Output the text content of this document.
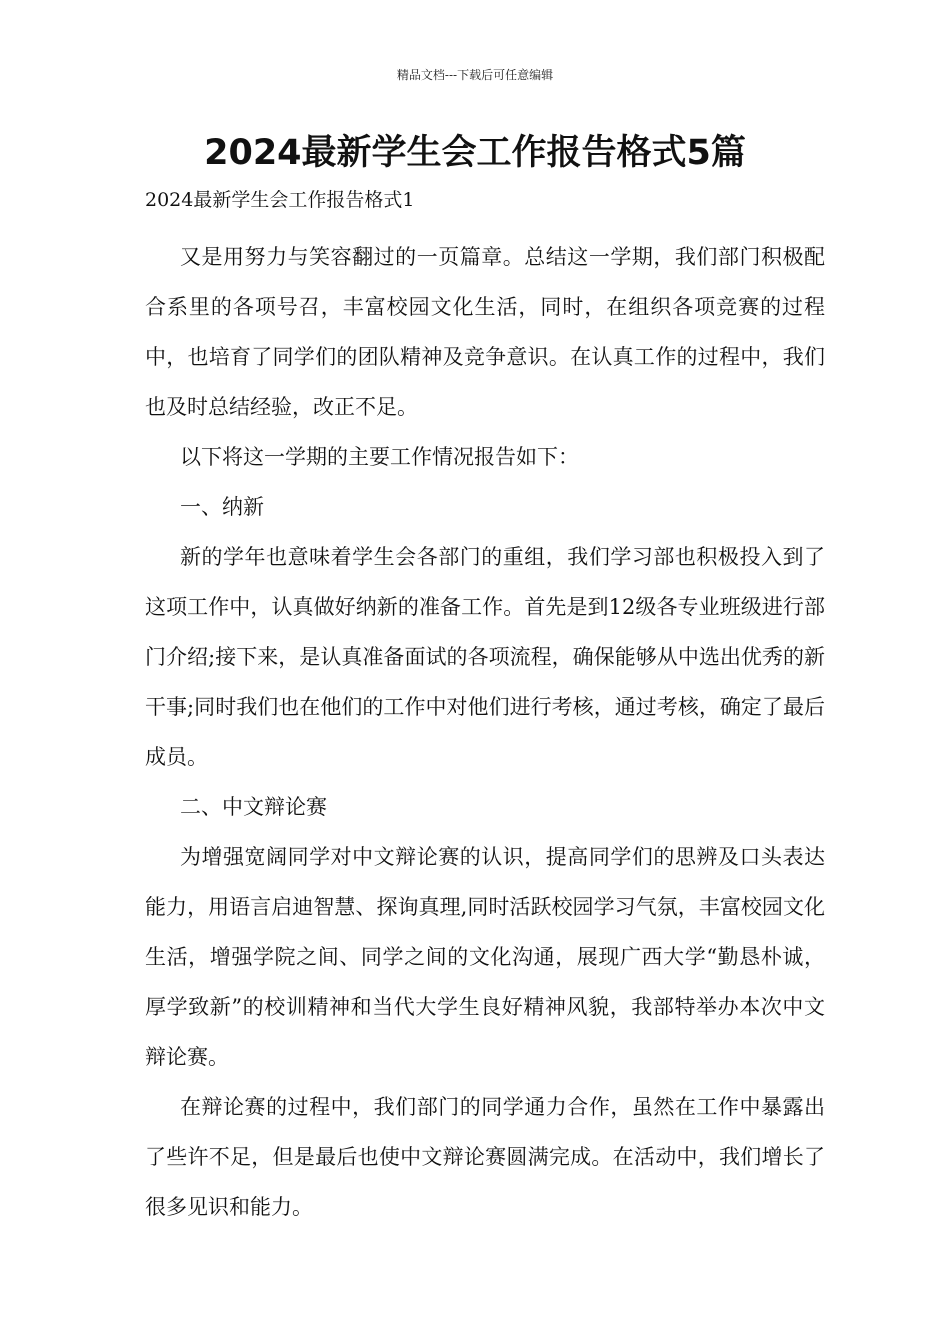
精品文档---下载后可任意编辑
2024最新学生会工作报告格式5篇
2024最新学生会工作报告格式1

又是用努力与笑容翻过的一页篇章。总结这一学期，我们部门积极配合系里的各项号召，丰富校园文化生活，同时，在组织各项竞赛的过程中，也培育了同学们的团队精神及竞争意识。在认真工作的过程中，我们也及时总结经验，改正不足。

以下将这一学期的主要工作情况报告如下：

一、纳新

新的学年也意味着学生会各部门的重组，我们学习部也积极投入到了这项工作中，认真做好纳新的准备工作。首先是到12级各专业班级进行部门介绍;接下来，是认真准备面试的各项流程，确保能够从中选出优秀的新干事;同时我们也在他们的工作中对他们进行考核，通过考核，确定了最后成员。

二、中文辩论赛

为增强宽阔同学对中文辩论赛的认识，提高同学们的思辨及口头表达能力，用语言启迪智慧、探询真理,同时活跃校园学习气氛，丰富校园文化生活，增强学院之间、同学之间的文化沟通，展现广西大学“勤恳朴诚，厚学致新”的校训精神和当代大学生良好精神风貌，我部特举办本次中文辩论赛。

在辩论赛的过程中，我们部门的同学通力合作，虽然在工作中暴露出了些许不足，但是最后也使中文辩论赛圆满完成。在活动中，我们增长了很多见识和能力。
